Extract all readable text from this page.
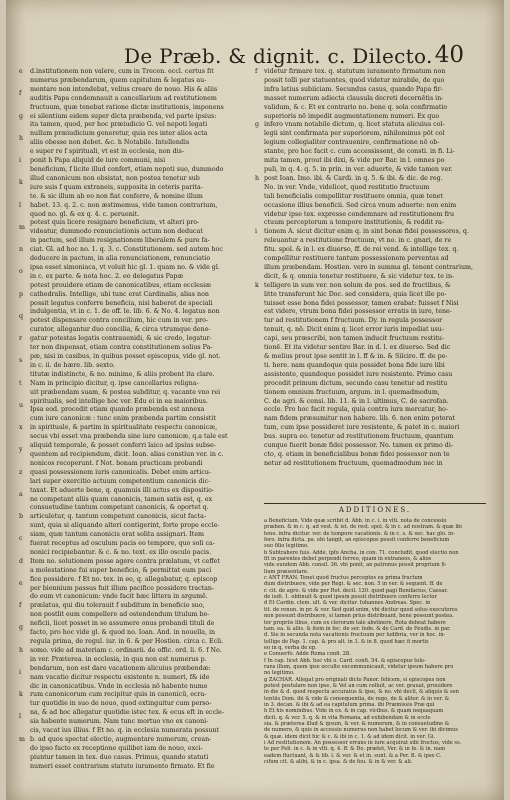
De Præb. & dignit. c. Dilecto. 40
e
f
g
h
i
k
l
m
n
o
p
q
r
s
t
u
x
y
z
a
b
c
d
e
f
g
h
i
k
l
m
d.institutionem non valere, cum in Trecen. eccl. certus fit
numerus præbendarum, quem capitulum & legatus au-
mentare non intendebat, velius creare de nouo. His & aliis
auditis Papa condemnauit a cancellarium ad restitutionem
fructuum, quæ tenebat ratione dictæ institutionis, imponens
ei silentium eidem super dicta præbenda, vel parte ipsius:
ita tamen, quod, per hoc præiudicio G. vel nepoti legati
nullum præiudicium generetur, quia res inter alios acta
aliis obesse non debet. &c. h Notabile. Intellendis
e super re f spirituali, vt est in ecclesia, non dis-
ponit h Papa aliquid de iure communi, nisi
beneficium, f licite illud confert, etiam nepoti suo, dummodo
illud canonicum non obsistat, non postea tenetur sub
iure suis f quam extraneis, supposita in ceteris parita-
te. & sic illum ab eo non fiat conferre, & nomine illum
habet. 13. q. 2. c. non æstimemus, vide tamen contrarium,
quod no. gl. & ex q. 4. c. peruenit.
potest quis licere resignare beneficium, vt alteri pro-
videatur, dummodo renunciationis actum non deducat
in pactum, sed illum resignationem liberalem & pure fa-
ciat. Gl. ad hoc no. 1. q. 3. c. Constitutionem. sed autem hoc
deducere in pactum, in alia renunciationem, renunciatio
ipsa esset simoniaca, vt voluit hic gl. 1. quam no. & vide gl.
in c. ex parte. & nota hoc. 2. eo delegatus Papæ
potest prouidere etiam de canonicatibus, etiam ecclesiæ
cathedralis. Intellige, ubi tunc erat Cardinalis, alias non
possit legatus conferre beneficia, nisi haberet de speciali
indulgentia, vt in c. 1. de off. le. lib. 6. & No. 4. legatus non
potest dispensare contra concilium, hic cum in ver. pro-
curator, allegantur duo concilia, & circa vtrumque dene-
gatur potestas legatis contrauenidi, & sic credo, legatur-
ter non dispensat, etiam contra constitutionem solius Pa-
pæ, nisi in casibus, in quibus posset episcopus, vide gl. not.
in c. ii. de hære. lib. sexto.
titutæ indistincte, & no. minime, & aliis probent ita clare.
Nam in principio dicitur, q. ipse cancellarius religna-
uit præbendam suam, & postea subditur, q. vacante vno rei
spiritualis, sed intellige hoc ver. Edu ei in ea maioribus.
Ipsa eod. procedit etiam quando præbenda est annexa
cum iure canonicæ : tunc enim præbenda partim consistit
in spirituale, & partim in spiritualitate respectu canonicæ,
secus vbi esset vna præbenda sine iure canonicæ, q.a tale est
aliquid temporale, & posset conferri laico ad ipsius subse-
quentem ad recipiendum, dicit. Ioan. alias constiun ver. in c.
nonicos recoperunt. f Not. bonam practicam probandi
quasi possessionem iuris canonicalis. Debet enim articu-
lari super exercitio actuum competentium canonicis dic-
taxat. Et aduerte bene, q. quamuis illi actus ex dispositio-
ne competant aliis quam canonicis, tamen satis est, q. ex
consuetudine tantum competant canonicis, & oportet q.
articuletur, q. tantum competunt canonicis, sicut facta-
sunt, quia si aliquando alteri contigerint, forte prope eccle-
siam, quæ tantum canonicis erat solita assignari. Item
fuerat receptus ad osculum pacis eo tempore, quo soli ca-
nonici recipiebantur. & c. & no. text. ex illo osculo pacis.
Item no. solutionem posse agere contra prælatum, vt ceffet
a molestatione fui super beneficio, & permittat eum paci
fice possidere. f Et no. tex. in eo, q. allegabatur, q. episcop
per biennium passus fuit illum pacifice possidere tractan-
do eum vt canonicum: vnde facit hæc littera in argumē.
prælatus, qui diu tolerauit f subditum in beneficio suo,
non postlit eum compellere ad ostendendum titulum be-
neficii, licet posset in se assumere onus probandi tituli de
facto, pro hoc vide gl. & quod no. Ioan. And. in nouella, in
regula prima, de regul. iur. in 6. & per Hostien. circa c. Ecli.
somo. vide ad materiam c. ordinarii. de offic. ord. li. 6. f No.
in ver. Præterea. in ecclesia, in qua non est numerus p.
bendarum, non est dare vacationem alicuius præbendæ:
nam vacatio dicitur respectu existente n. numeri, f& ide
dic in canonicatibus. Vnde in ecclesia nō habente nume
rum canonicorum cum recipitur quis in canonicū, ecra-
tur quotidie in suo de nouo, quod extinguitur cum perso-
na, & ad hoc allegatur quotidie istec tex. & ecus eft in eccle-
sia habente numerum. Nam tunc mortuo vno ex canoni-
cis, vacat ius illius. f Et no. q. in ecclesia numerata possunt
b. ad quos spectat electio, augmentare numerum, crean-
do ipso facto ex receptione quilibet iam de nouo, exci-
piuntur tamen in tex. duo casus. Primus, quando statuti
numeri esset contrarium statuto iuramento firmato. Et fie
f
g
h
i
k
videtur firmare tex. q. statutum iuramento firmatum non
possit tolli per statuentes, quod videtur mirabile, de quo
infra latius subiiciam. Secundus casus, quando Papa fir-
masset numerum adiecta clausula decreti decernētis in-
validum, & c. Et ex contrario no. bene q. sola confirmatio
superioris nō impedit augmentationem numeri. Ex quo
infero vnam notabile dictum, q. licet statuta alicuius col-
legii sint confirmata per superiorem, nihilominus pōt col
legium collegialiter contrauenire, confirmatione nō ob-
stante, pro hoc facit c. cum accessissent, de consti. in fi. Li-
mita tamen, prout ibi dixi, & vide per Bar. in l. omnes po
puli, in q. 4. q. 5. in prin. in ver. aduerte, & vide tamen ver.
post Ioan. Imo. ibi. & Cardi. in q. 5. & ibi. & dic. de reg.
No. in ver. Vnde, videlicet, quod restitutio fructuum
tali beneficialis compellitur restituere omnia, quæ tenet
occasione illius beneficii. Sed circa vnum aduerte: non enim
videtur ipse tex. expresse condemnare ad restitutionem fru
ctuum perceptorum a tempore institutionis, & reddit ra-
tionem A. sicut dicitur enim q. in sint bonæ fidei possessores, q.
releuantur a restitutione fructuum, vt no. in c. gnari, de re
fitu. spol. & in l. ex diuerso, ff. de rei vend. & intellige tex. q.
compellitur restituere tantum possessionem perventas ad
illum præbendam. Hostien. vero in summa gl. tenent contrarium,
dicit, & q. omnia tenetur restituere, & sic videtur tex. te in-
telligere in sum ver. non solum de pos. sed de fructibus, &
litte transferunt hic Doc. sed considera, quia licet ille po-
tuisset esse bona fidei possessor, tamen erabat: fuisset f Nisi
est videre, vtrum bona fidei possessor erratis in iure, tene-
tur ad restitutionem f fructuum. Dy. in regula possessor
tenuit, q. nō. Dicit enim q. licet error iuris impediat usu-
capi, seu præscribi, non tamen inducit fructuum restitu-
tionē. Et ita videtur sentire Bar. in d. l. ex diuerso. Sed dic
& melius prout ipse sentit in l. ff & in. & Silcire. ff. de pe-
ti. here. nam quandoque quis possidet bona fide iure libi
assistente, quandoque possidet iure resistente. Primo casu
procedit primum dictum, secundo casu tenetur ad restitu
tionem omnium fructuum, argum. in l. quemadmodum,
C. de agri. & censi. lib. 11. & in l. ultimus, C. de sacrofan.
eccle. Pro hoc facit regula, quia contra iura mercatur, ho-
nam fidem præsumitur non habere. lib. 6. non enim poterat
tum, cum ipse possideret iure resistente, & patet in c. maiori
bus. supra eo. tenetur ad restitutionem fructuum, quantum
cunque fuerit bonæ fidei possessor. No. tamen ex primo di-
cto, q. etiam in beneficialibus bonæ fidei possessor non te
netur ad restitutionem fructuum, quemadmodum nec in
ADDITIONES.
a Beneficium. Vide quæ scribit d. Abb. in c. i. in vlti. nota de concessio
præben. & in c. q. ad vest. & ist. de rest. spol. & in c. ad nostram. & quæ ibi
teno. infra dicitur. ver. de tempore vacationis. & in c. s. & sec. hac glo. in-
fero. infra dicta. pa. ebi tangit, an episcopus possit conferre beneficium
suo filio legitimo.
b Subtrahere fuis. Adde, ipfo Ancha. in con. 71. concludit, quod electio non
fit in parentes debet perpendi ferreo, quam in extraneos, & alios
vide eundem Abb. consil. 36. vbi ponit, an patronus possit proprium fi-
lium præsentare.
c ANT FRAN. Tenet quod fructus perceptos ex prima fructum
dum distribuere, vide per Regi. & sec. non. 5 in ver. & sequent. ff. de
r. cit. de agro. & vide per Rot. decil. 120. quod pagi Bonifacius, Caesar.
de iudi. 1. obtinuit & quod ipsum possit distribuere conferre lector
d Et Cardin. clem. ult. & ver. dicitur. Iohannes Andreas. Spec. in
tit. de renun. in pr. & ver. Sed quid enim, vbi dicitur quod solus executores
non possunt distribuere, si tamen prius distribuant, bene possunt postea.
ter propriis libus, cum ex clerorum tale abstinere, Rota debeat habere
tam. ea. & aliis. & item in fec. de ser. fede. & de Card. de Feudis. in par.
d. Sie in secunda nota vacationis fructuum per ludibria, ver in hoc. in-
tellige de Pap. 1. cap. & pro alt. in 3. & in 8. quod hæc fi mortis
eo in q. verba de ep.
e Conuerfo. Adde Roma confi. 28.
f In cap. licet Abb. hoc vbi o. Card. confi. 54. & episcopus tole-
rans illum, quem ipse occulte excommunicauit, videtur ipsum habere pro
no legitimo.
g ZACHAR. Allegat pro originali dicto Panor. felicem, si episcopus non
potest postulare non ipse, & Vel an cum colluit, ac ver. grauat, prouidere
in die & d. quod respectu accuratus & ipse, & no. vbi decli, & aliquis & sen
tentiis Dom. ibi & vide & consequentia, de rego, de & aliter. & in ver. &
in 3. decan. & ibi & ad ea capitulum prima. ibi Præmissis Præ qui
h Et his nominibus. Vide in ex. & in cap. vicibus. & quam nequaquam
dicit. q. & ver. 5. q. & in vita Romana, ad exhibendam & in eccle
sia. & præterea illud & ipsum, & ver. & numerum, & in consuetudine &
de numero, & quis in accessio numerus non habet locum & ver. ibi dicimus
& quæ. idem dicit hic & c. & ibi in c. 1. & ad idem dicit. in ver. Gi.
i Ad restitutionem. An possessor errans in iure acquirat sibi fructus, vide ss.
te per Feli. in c. & in vlti. q. 4. ff. & Do. prætet, Ver. & in fe. & in. nam
eadem fluctuant, & & lib. l. & ver. & et in. sunt. & a Per. B. & ipse C.
cifum cit. & alibi, & in c. ipsa. & de feu. & in & ver. & ali.
